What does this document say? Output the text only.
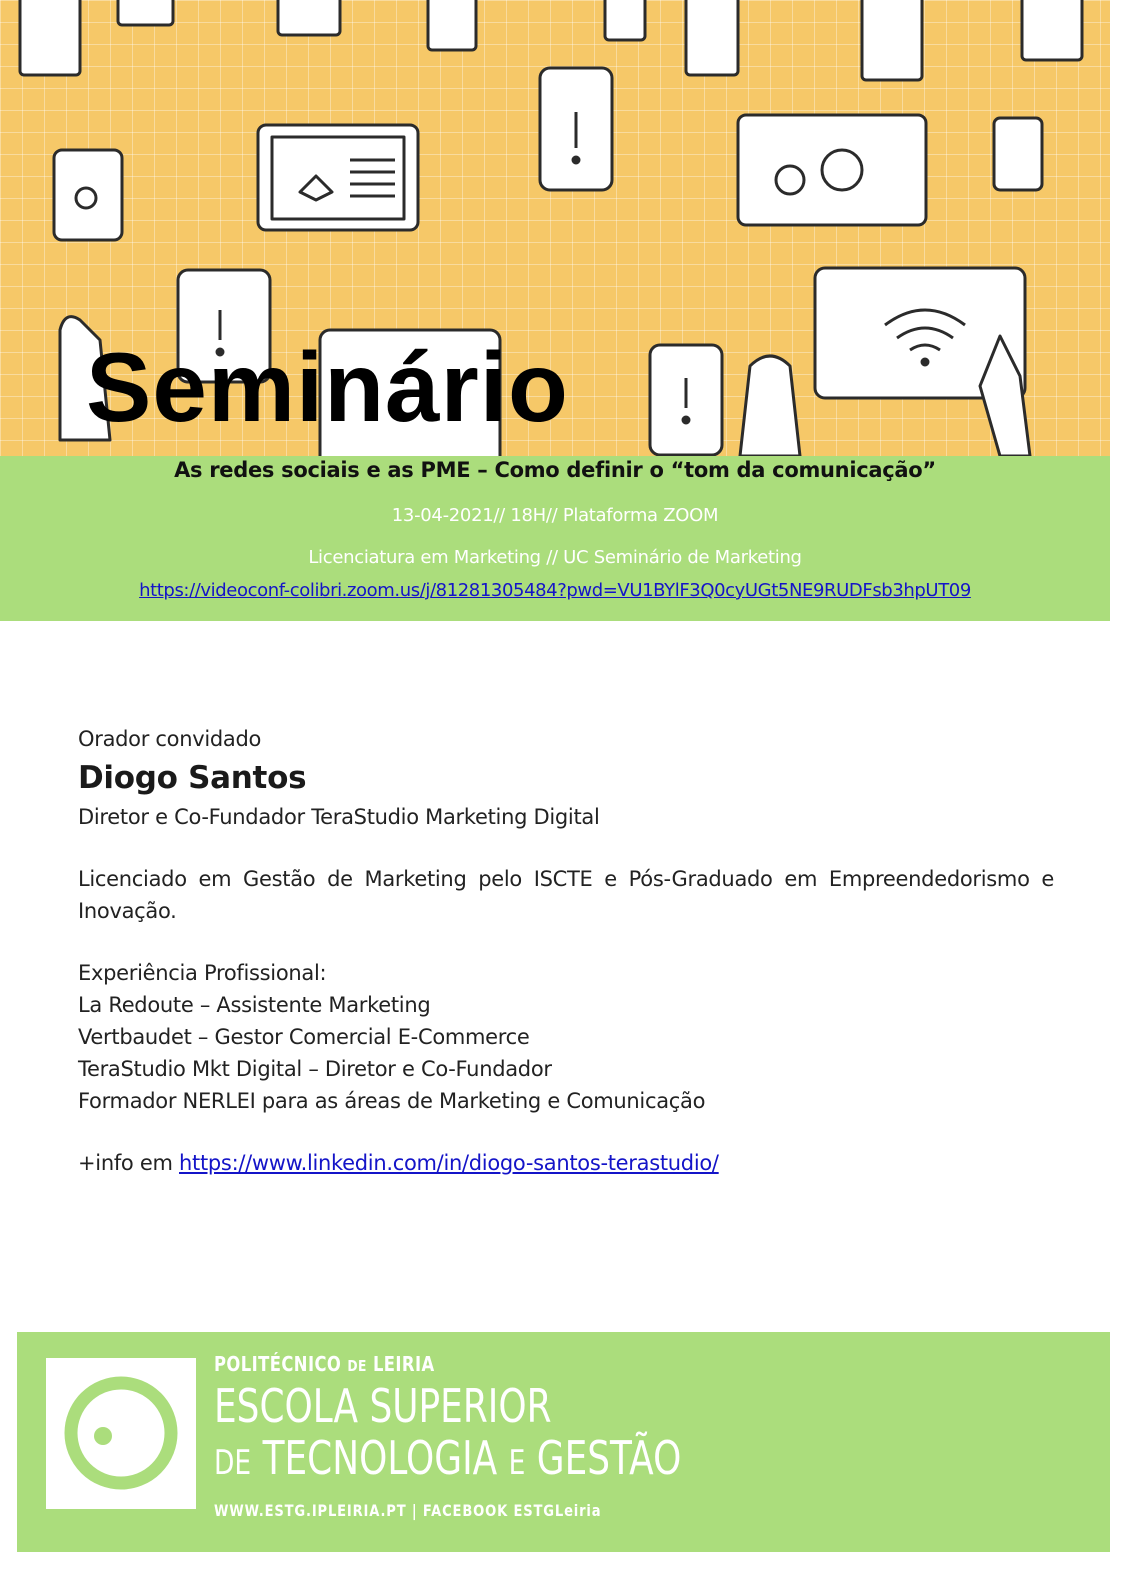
Seminário

As redes sociais e as PME – Como definir o “tom da comunicação”

13-04-2021// 18H// Plataforma ZOOM
Licenciatura em Marketing // UC Seminário de Marketing
https://videoconf-colibri.zoom.us/j/81281305484?pwd=VU1BYlF3Q0cyUGt5NE9RUDFsb3hpUT09

Orador convidado

Diogo Santos

Diretor e Co-Fundador TeraStudio Marketing Digital

Licenciado em Gestão de Marketing pelo ISCTE e Pós-Graduado em Empreendedorismo e Inovação.

Experiência Profissional:

La Redoute – Assistente Marketing
Vertbaudet – Gestor Comercial E-Commerce
TeraStudio Mkt Digital – Diretor e Co-Fundador
Formador NERLEI para as áreas de Marketing e Comunicação

+info em https://www.linkedin.com/in/diogo-santos-terastudio/

POLITÉCNICO DE LEIRIA
ESCOLA SUPERIOR
DE TECNOLOGIA E GESTÃO
WWW.ESTG.IPLEIRIA.PT | FACEBOOK ESTGLeiria
